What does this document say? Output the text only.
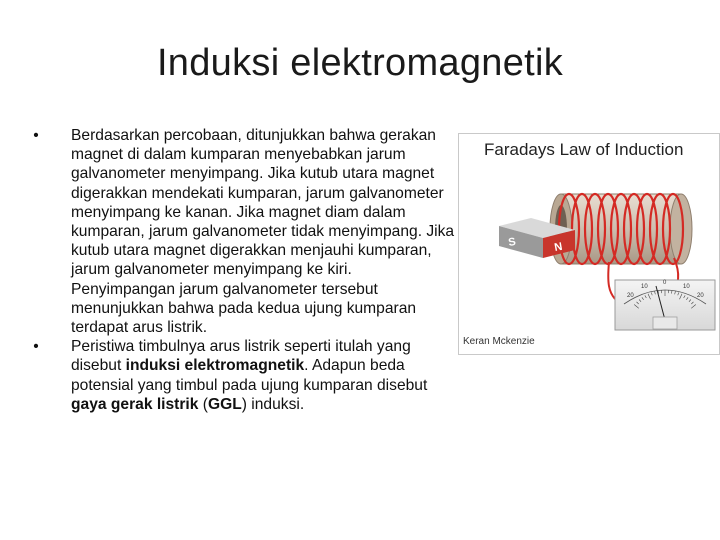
Induksi elektromagnetik
•	Berdasarkan percobaan, ditunjukkan bahwa gerakan magnet di dalam kumparan menyebabkan jarum galvanometer menyimpang. Jika kutub utara magnet digerakkan mendekati kumparan, jarum galvanometer menyimpang ke kanan. Jika magnet diam dalam kumparan, jarum galvanometer tidak menyimpang. Jika kutub utara magnet digerakkan menjauhi kumparan, jarum galvanometer menyimpang ke kiri. Penyimpangan jarum galvanometer tersebut menunjukkan bahwa pada kedua ujung kumparan terdapat arus listrik.
•	Peristiwa timbulnya arus listrik seperti itulah yang disebut induksi elektromagnetik. Adapun beda potensial yang timbul pada ujung kumparan disebut gaya gerak listrik (GGL) induksi.
S	N
20
10
0
10
20
Faradays Law of Induction
Keran Mckenzie
